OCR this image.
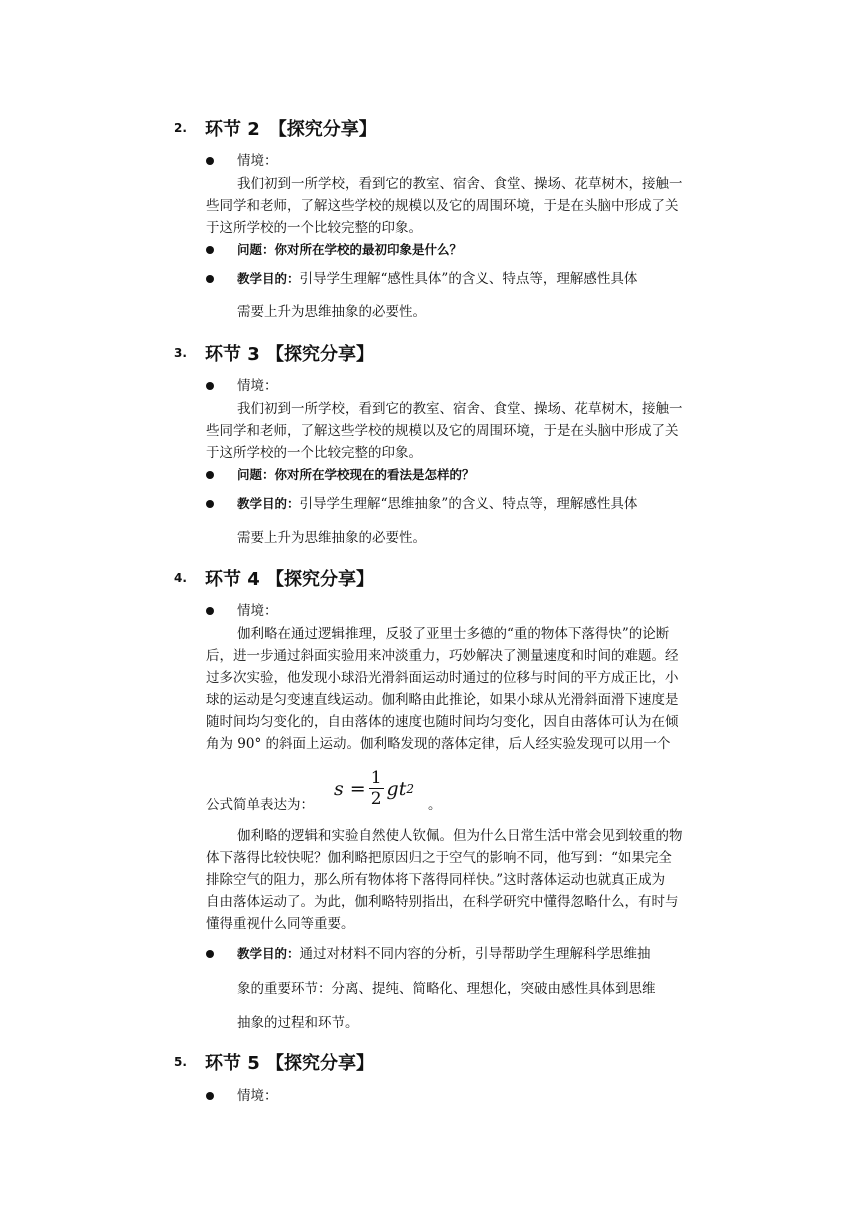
2.	环节 2　【探究分享】
情境：
我们初到一所学校，看到它的教室、宿舍、食堂、操场、花草树木，接触一
些同学和老师，了解这些学校的规模以及它的周围环境，于是在头脑中形成了关
于这所学校的一个比较完整的印象。
问题：你对所在学校的最初印象是什么？
教学目的：引导学生理解“感性具体”的含义、特点等，理解感性具体
需要上升为思维抽象的必要性。
3.	环节 3 【探究分享】
情境：
我们初到一所学校，看到它的教室、宿舍、食堂、操场、花草树木，接触一
些同学和老师，了解这些学校的规模以及它的周围环境，于是在头脑中形成了关
于这所学校的一个比较完整的印象。
问题：你对所在学校现在的看法是怎样的？
教学目的：引导学生理解“思维抽象”的含义、特点等，理解感性具体
需要上升为思维抽象的必要性。
4.	环节 4 【探究分享】
情境：
伽利略在通过逻辑推理，反驳了亚里士多德的“重的物体下落得快”的论断
后，进一步通过斜面实验用来冲淡重力，巧妙解决了测量速度和时间的难题。经
过多次实验，他发现小球沿光滑斜面运动时通过的位移与时间的平方成正比，小
球的运动是匀变速直线运动。伽利略由此推论，如果小球从光滑斜面滑下速度是
随时间均匀变化的，自由落体的速度也随时间均匀变化，因自由落体可认为在倾
角为 90° 的斜面上运动。伽利略发现的落体定律，后人经实验发现可以用一个
公式简单表达为：
$s = \frac{1}{2}$ gt 2
。
伽利略的逻辑和实验自然使人钦佩。但为什么日常生活中常会见到较重的物
体下落得比较快呢？伽利略把原因归之于空气的影响不同，他写到：“如果完全
排除空气的阻力，那么所有物体将下落得同样快。”这时落体运动也就真正成为
自由落体运动了。为此，伽利略特别指出，在科学研究中懂得忽略什么，有时与
懂得重视什么同等重要。
教学目的：通过对材料不同内容的分析，引导帮助学生理解科学思维抽
象的重要环节：分离、提纯、简略化、理想化，突破由感性具体到思维
抽象的过程和环节。
5.	环节 5 【探究分享】
情境：
